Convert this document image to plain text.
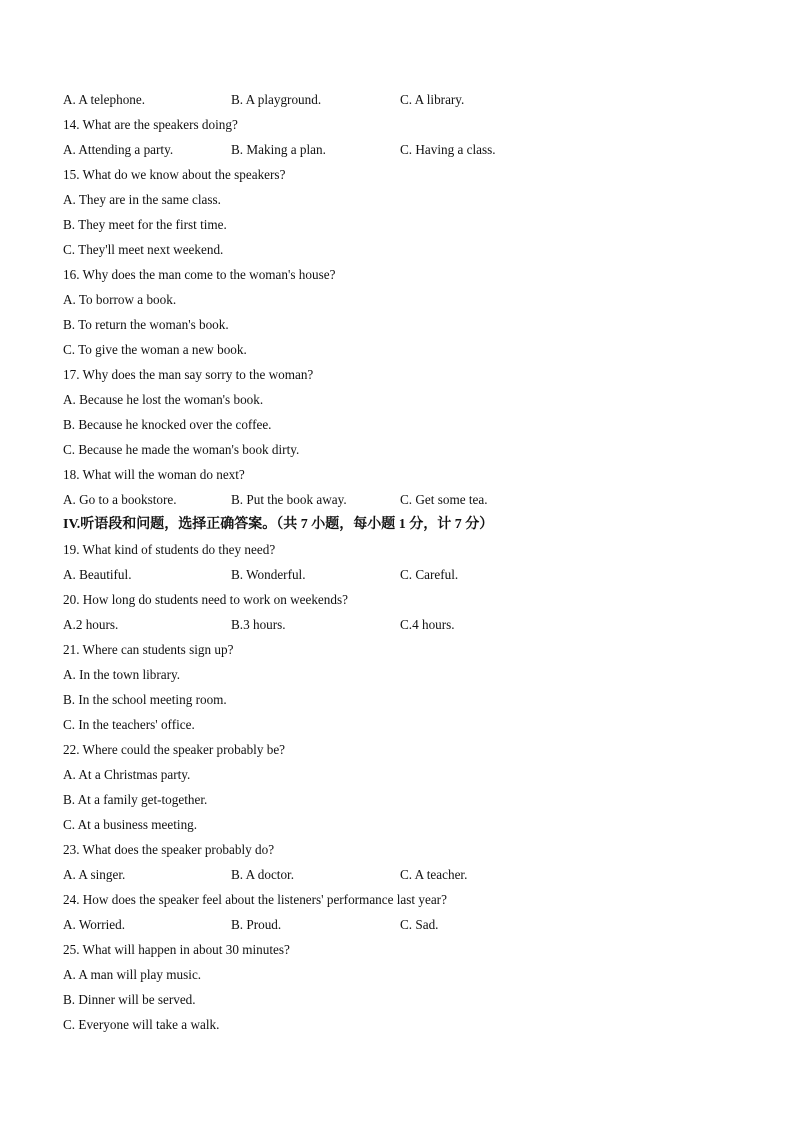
A. A telephone.	B. A playground.	C. A library.
14. What are the speakers doing?
A. Attending a party.	B. Making a plan.	C. Having a class.
15. What do we know about the speakers?
A. They are in the same class.
B. They meet for the first time.
C. They'll meet next weekend.
16. Why does the man come to the woman's house?
A. To borrow a book.
B. To return the woman's book.
C. To give the woman a new book.
17. Why does the man say sorry to the woman?
A. Because he lost the woman's book.
B. Because he knocked over the coffee.
C. Because he made the woman's book dirty.
18. What will the woman do next?
A. Go to a bookstore.	B. Put the book away.	C. Get some tea.
IV.听语段和问题，选择正确答案。（共 7 小题，每小题 1 分，计 7 分）
19. What kind of students do they need?
A. Beautiful.	B. Wonderful.	C. Careful.
20. How long do students need to work on weekends?
A.2 hours.	B.3 hours.	C.4 hours.
21. Where can students sign up?
A. In the town library.
B. In the school meeting room.
C. In the teachers' office.
22. Where could the speaker probably be?
A. At a Christmas party.
B. At a family get-together.
C. At a business meeting.
23. What does the speaker probably do?
A. A singer.	B. A doctor.	C. A teacher.
24. How does the speaker feel about the listeners' performance last year?
A. Worried.	B. Proud.	C. Sad.
25. What will happen in about 30 minutes?
A. A man will play music.
B. Dinner will be served.
C. Everyone will take a walk.
